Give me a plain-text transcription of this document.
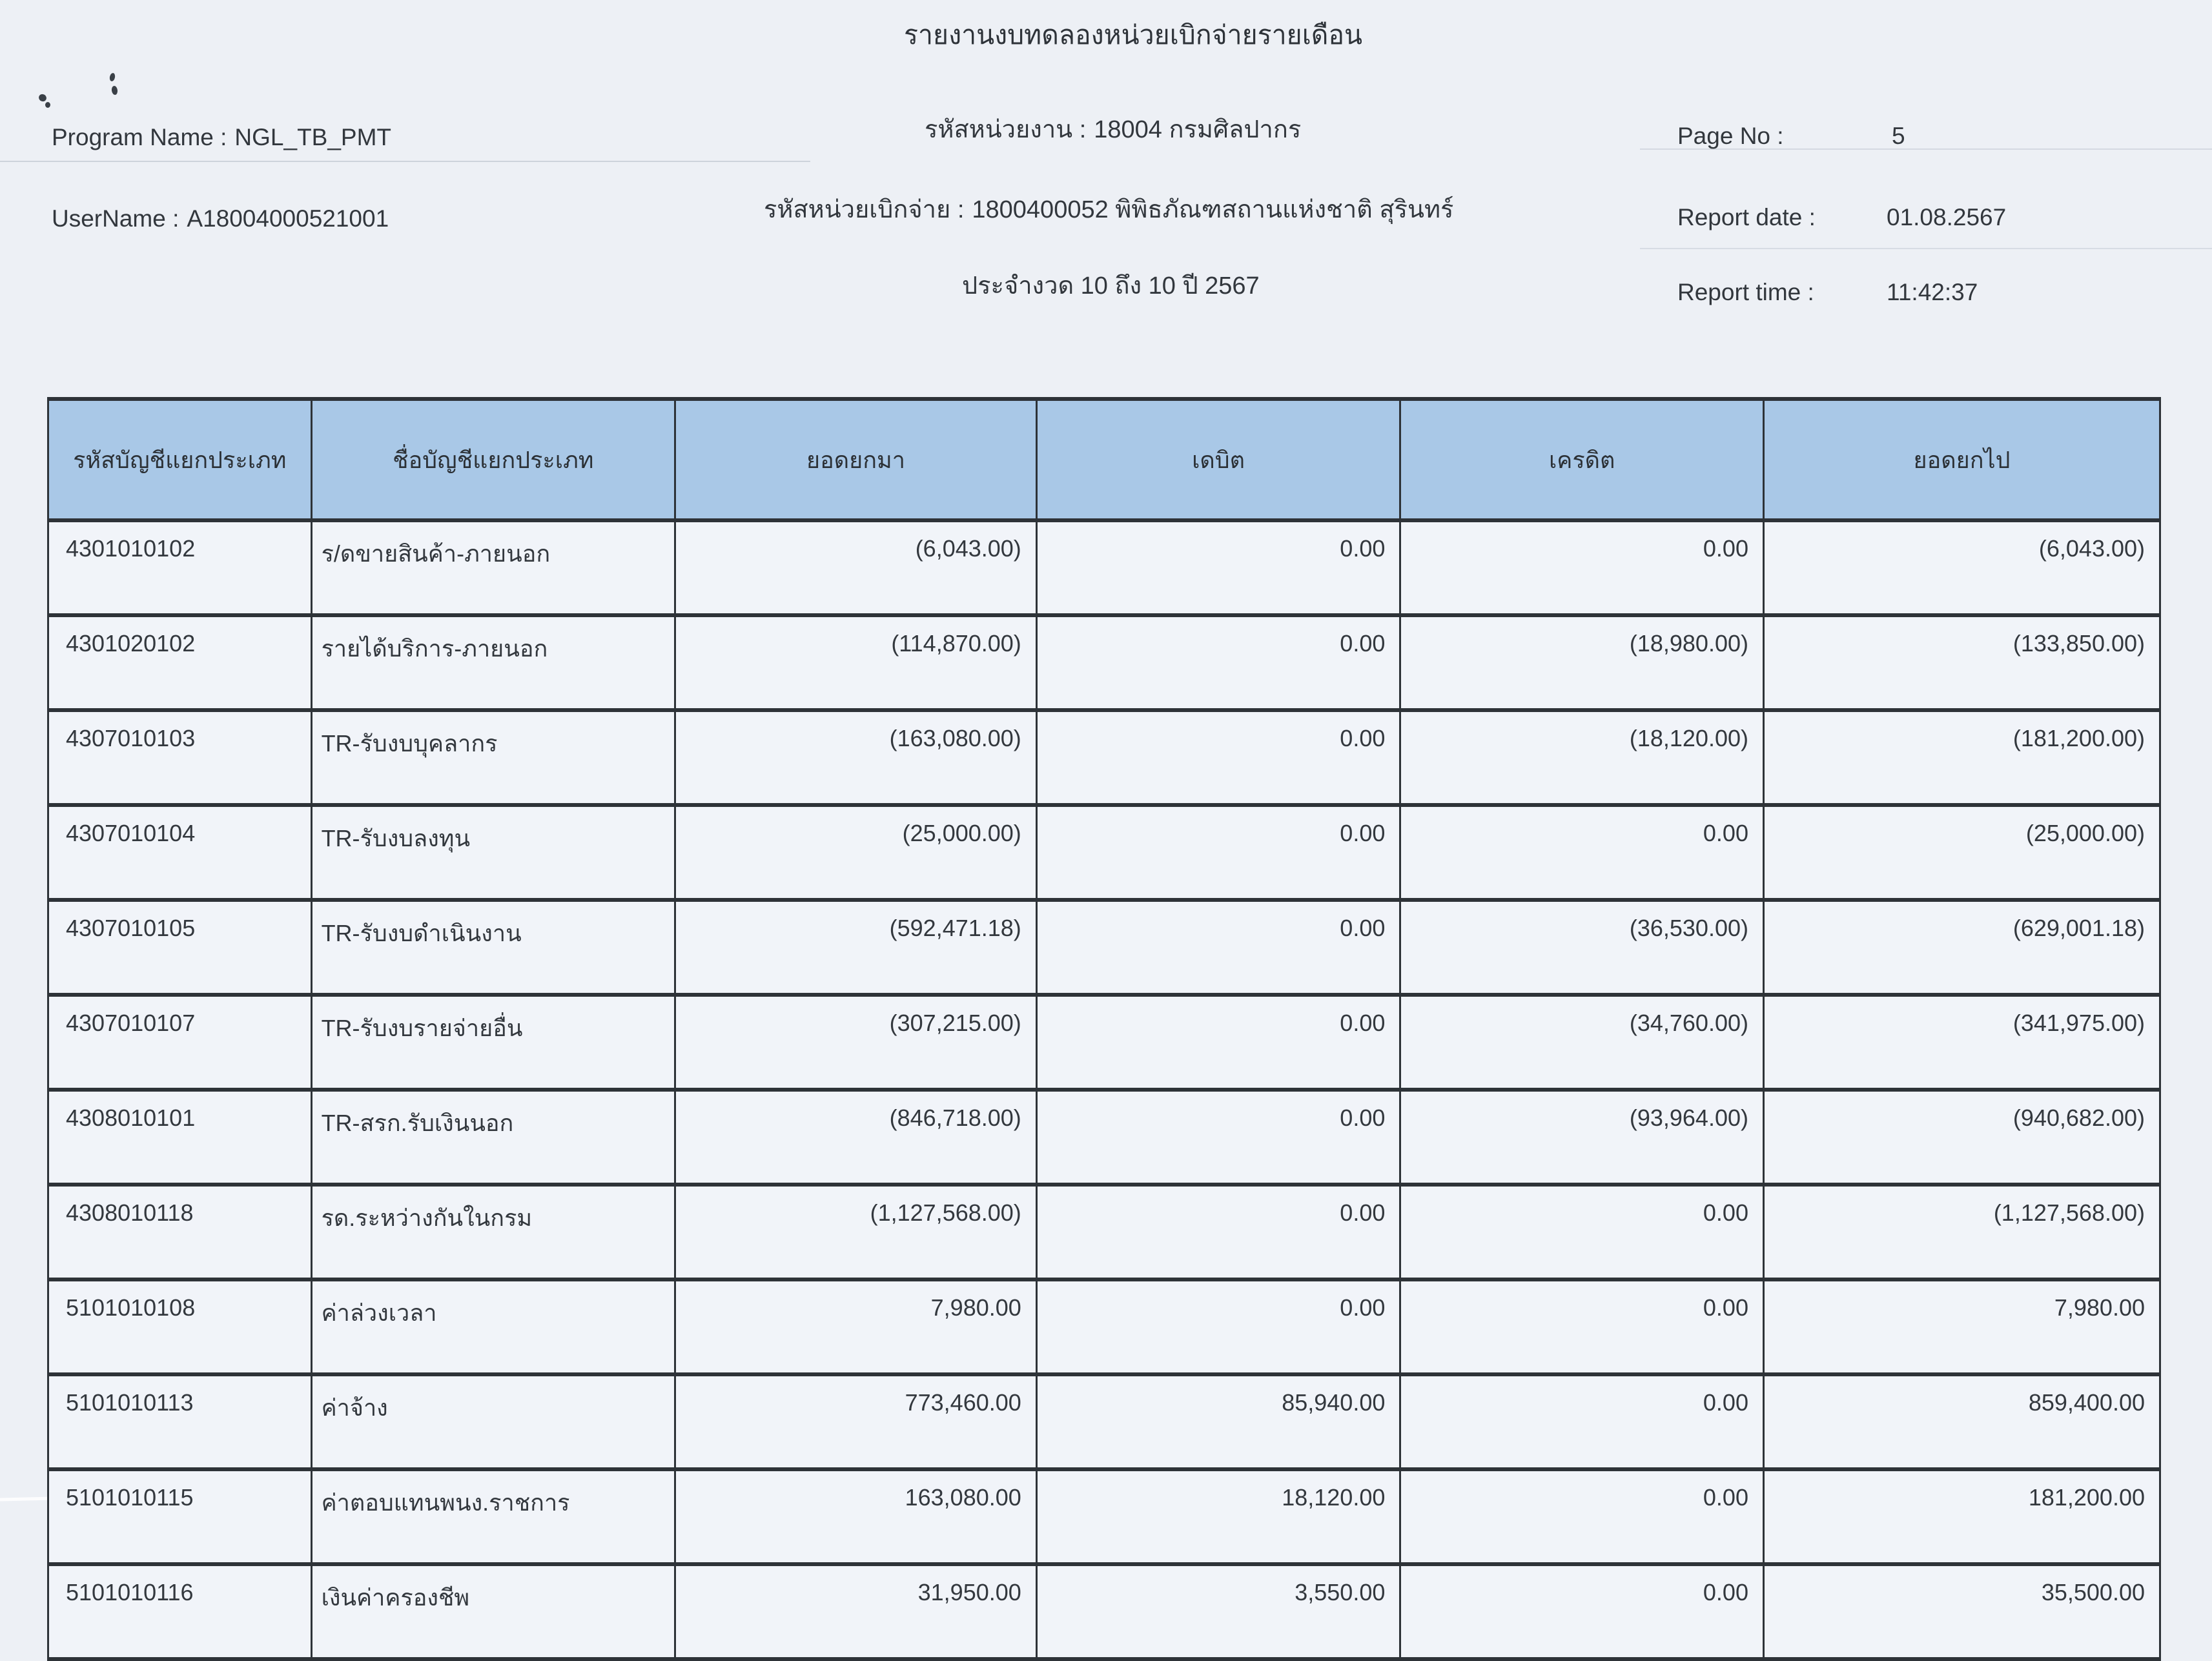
รายงานงบทดลองหน่วยเบิกจ่ายรายเดือน
Program Name : NGL_TB_PMT	รหัสหน่วยงาน : 18004 กรมศิลปากร	Page No :	5
UserName : A18004000521001	รหัสหน่วยเบิกจ่าย : 1800400052 พิพิธภัณฑสถานแห่งชาติ สุรินทร์	Report date :	01.08.2567
ประจำงวด 10 ถึง 10 ปี 2567	Report time :	11:42:37
รหัสบัญชีแยกประเภท	ชื่อบัญชีแยกประเภท	ยอดยกมา	เดบิต	เครดิต	ยอดยกไป
4301010102	ร/ดขายสินค้า-ภายนอก	(6,043.00)	0.00	0.00	(6,043.00)
4301020102	รายได้บริการ-ภายนอก	(114,870.00)	0.00	(18,980.00)	(133,850.00)
4307010103	TR-รับงบบุคลากร	(163,080.00)	0.00	(18,120.00)	(181,200.00)
4307010104	TR-รับงบลงทุน	(25,000.00)	0.00	0.00	(25,000.00)
4307010105	TR-รับงบดำเนินงาน	(592,471.18)	0.00	(36,530.00)	(629,001.18)
4307010107	TR-รับงบรายจ่ายอื่น	(307,215.00)	0.00	(34,760.00)	(341,975.00)
4308010101	TR-สรก.รับเงินนอก	(846,718.00)	0.00	(93,964.00)	(940,682.00)
4308010118	รด.ระหว่างกันในกรม	(1,127,568.00)	0.00	0.00	(1,127,568.00)
5101010108	ค่าล่วงเวลา	7,980.00	0.00	0.00	7,980.00
5101010113	ค่าจ้าง	773,460.00	85,940.00	0.00	859,400.00
5101010115	ค่าตอบแทนพนง.ราชการ	163,080.00	18,120.00	0.00	181,200.00
5101010116	เงินค่าครองชีพ	31,950.00	3,550.00	0.00	35,500.00
